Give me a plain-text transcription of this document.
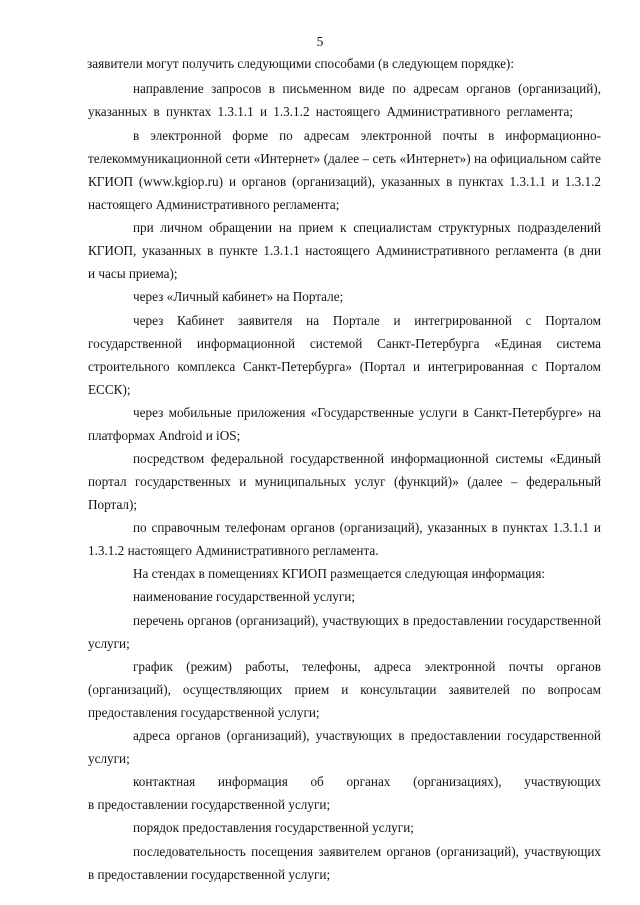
5
заявители могут получить следующими способами (в следующем порядке):
направление запросов в письменном виде по адресам органов (организаций),
указанных в пунктах 1.3.1.1 и 1.3.1.2 настоящего Административного регламента;
в электронной форме по адресам электронной почты в информационно-
телекоммуникационной сети «Интернет» (далее – сеть «Интернет») на официальном сайте
КГИОП (www.kgiop.ru) и органов (организаций), указанных в пунктах 1.3.1.1 и 1.3.1.2
настоящего Административного регламента;
при личном обращении на прием к специалистам структурных подразделений
КГИОП, указанных в пункте 1.3.1.1 настоящего Административного регламента (в дни
и часы приема);
через «Личный кабинет» на Портале;
через Кабинет заявителя на Портале и интегрированной с Порталом
государственной информационной системой Санкт-Петербурга «Единая система
строительного комплекса Санкт-Петербурга» (Портал и интегрированная с Порталом
ЕССК);
через мобильные приложения «Государственные услуги в Санкт-Петербурге» на
платформах Android и iOS;
посредством федеральной государственной информационной системы «Единый
портал государственных и муниципальных услуг (функций)» (далее – федеральный
Портал);
по справочным телефонам органов (организаций), указанных в пунктах 1.3.1.1 и
1.3.1.2 настоящего Административного регламента.
На стендах в помещениях КГИОП размещается следующая информация:
наименование государственной услуги;
перечень органов (организаций), участвующих в предоставлении государственной
услуги;
график (режим) работы, телефоны, адреса электронной почты органов
(организаций), осуществляющих прием и консультации заявителей по вопросам
предоставления государственной услуги;
адреса органов (организаций), участвующих в предоставлении государственной
услуги;
контактная информация об органах (организациях), участвующих
в предоставлении государственной услуги;
порядок предоставления государственной услуги;
последовательность посещения заявителем органов (организаций), участвующих
в предоставлении государственной услуги;
